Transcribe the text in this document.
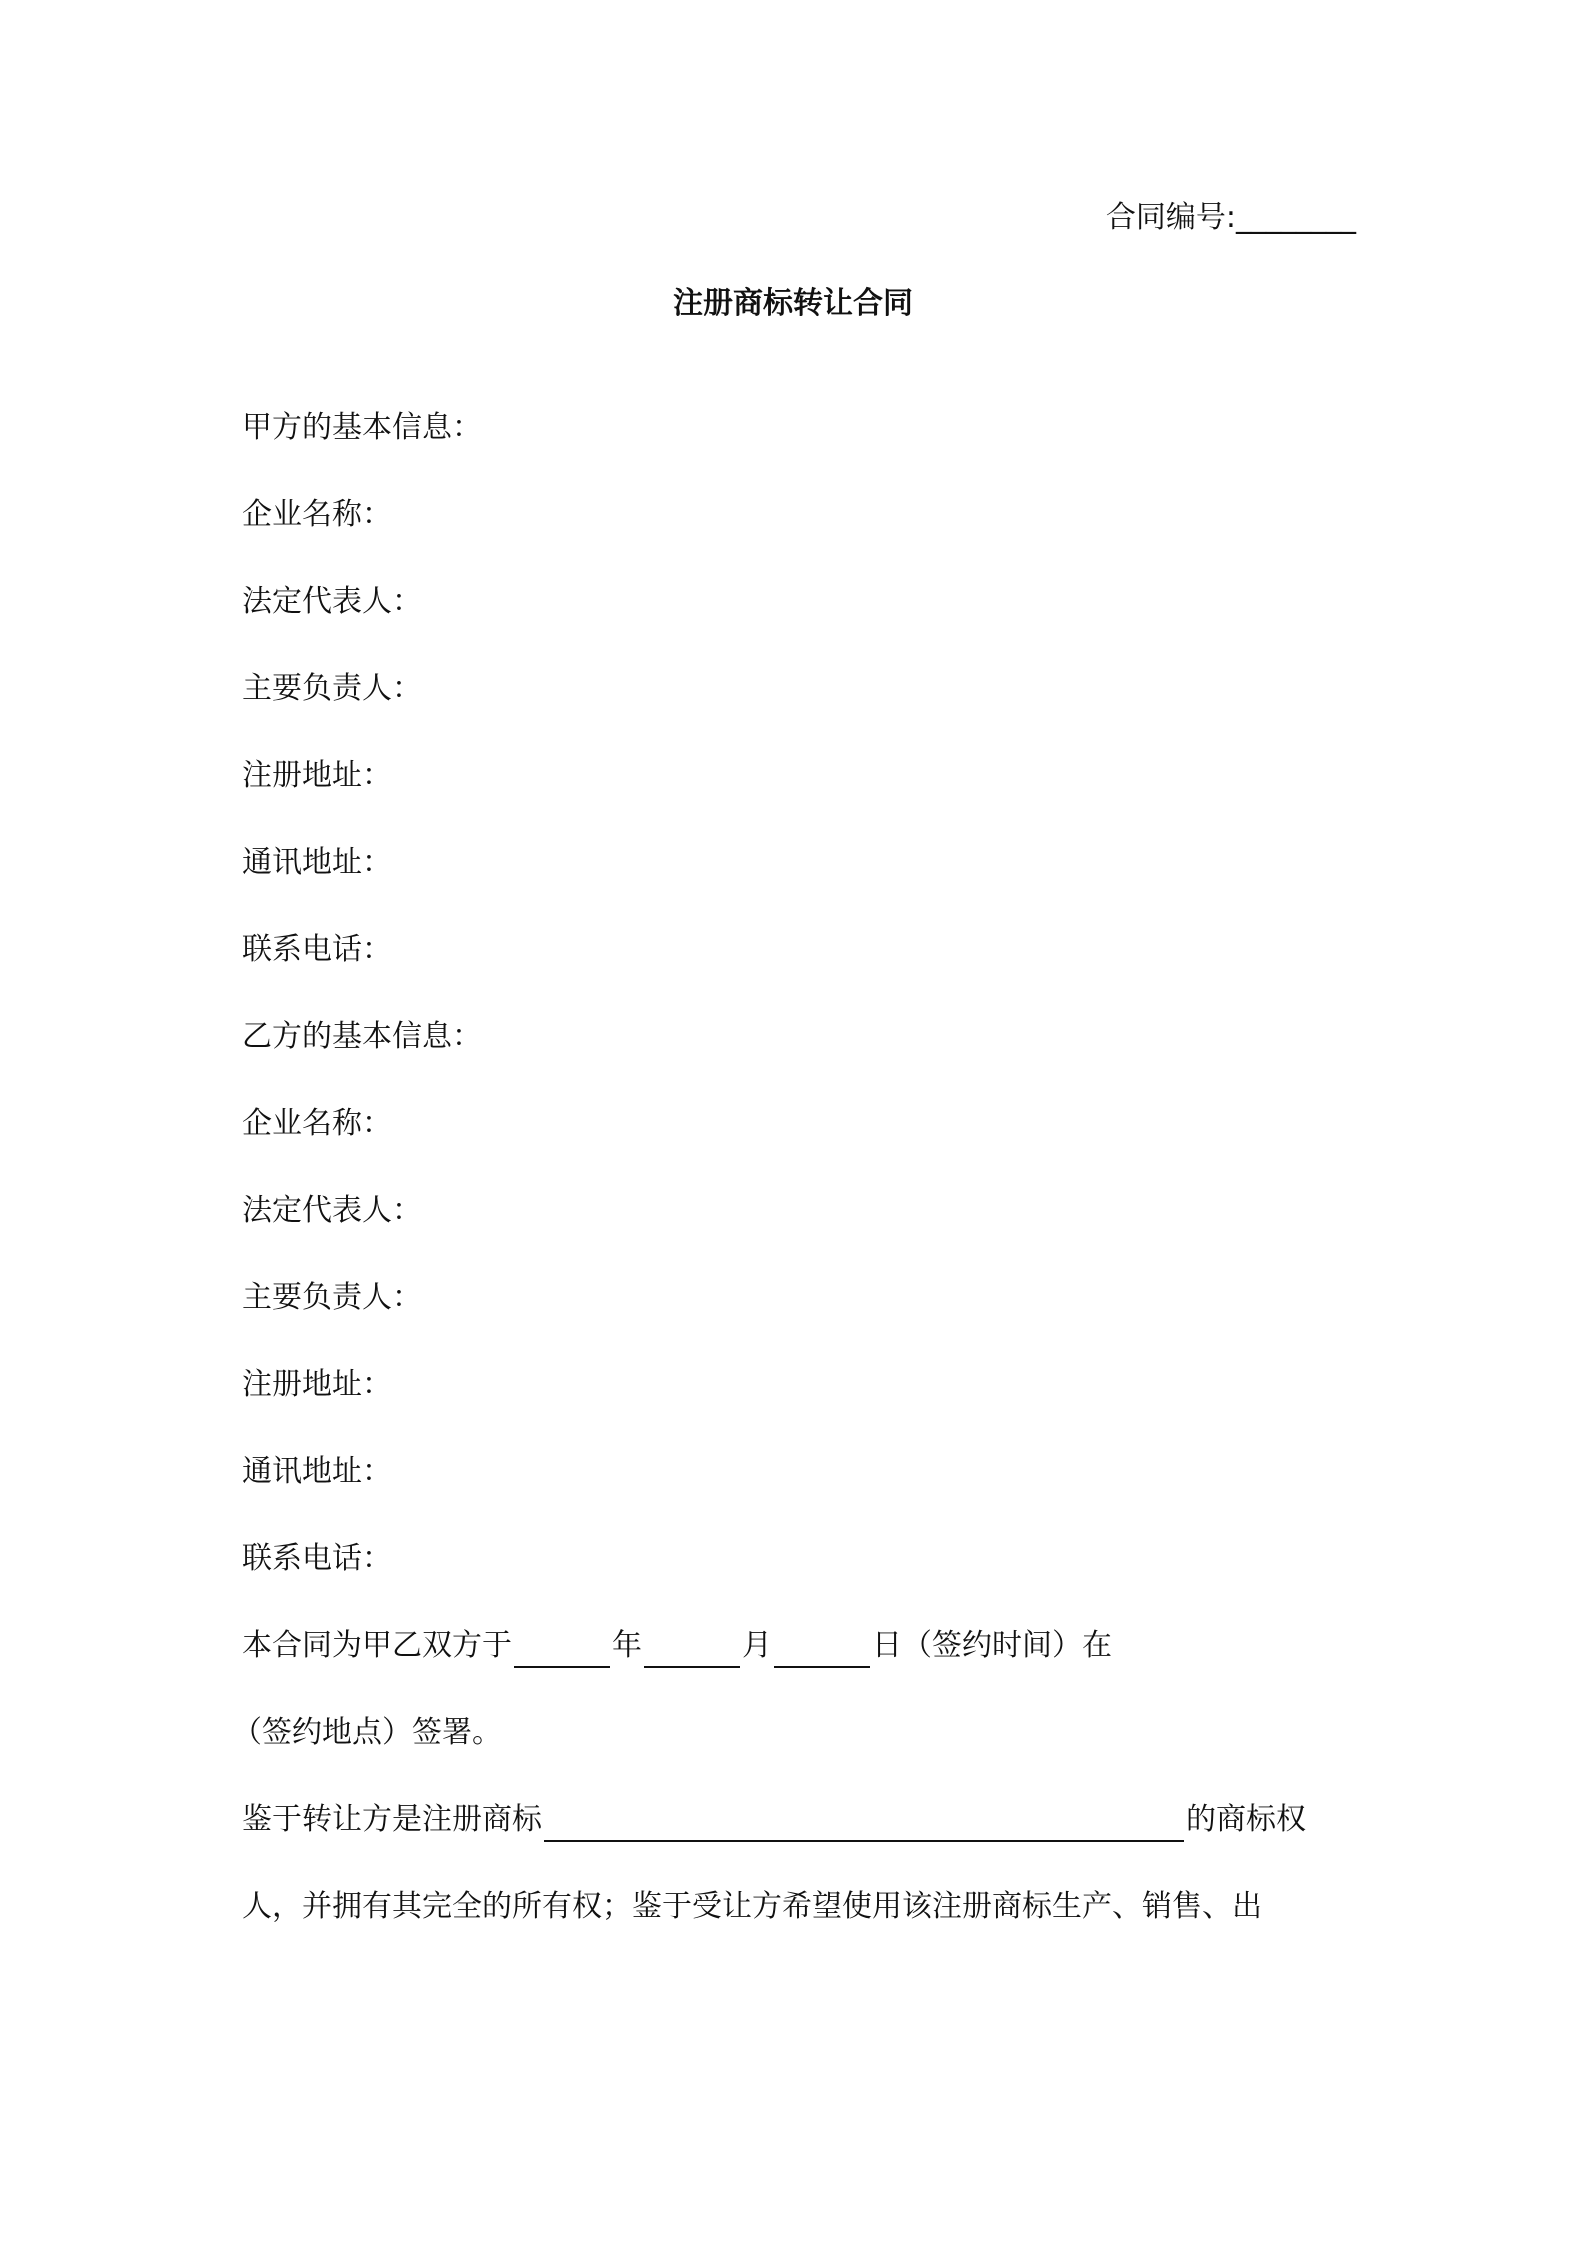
合同编号:________
注册商标转让合同
甲方的基本信息：
企业名称：
法定代表人：
主要负责人：
注册地址：
通讯地址：
联系电话：
乙方的基本信息：
企业名称：
法定代表人：
主要负责人：
注册地址：
通讯地址：
联系电话：
本合同为甲乙双方于	年	月	日（签约时间）在
（签约地点）签署。
鉴于转让方是注册商标	的商标权
人，并拥有其完全的所有权；鉴于受让方希望使用该注册商标生产、销售、出
